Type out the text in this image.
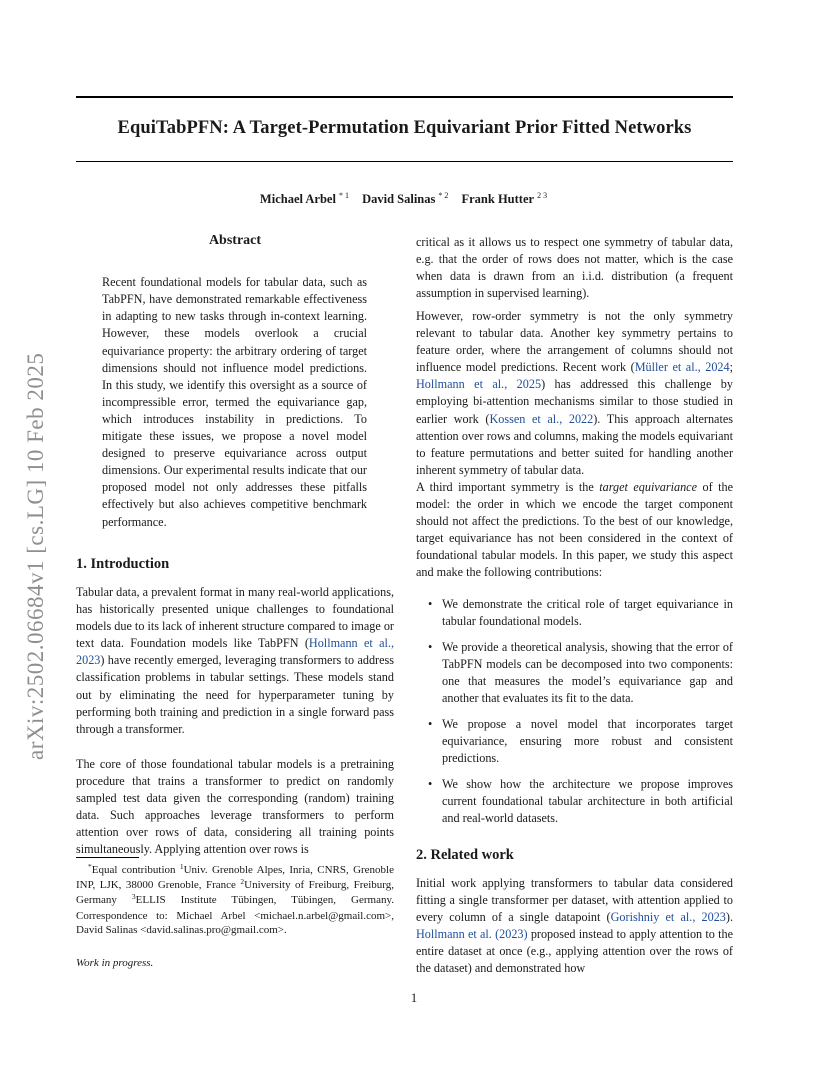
EquiTabPFN: A Target-Permutation Equivariant Prior Fitted Networks
Michael Arbel $^{* 1}$ David Salinas $^{* 2}$ Frank Hutter $^{2 3}$
arXiv:2502.06684v1 [cs.LG] 10 Feb 2025
Abstract

Recent foundational models for tabular data, such as TabPFN, have demonstrated remarkable effectiveness in adapting to new tasks through in-context learning. However, these models overlook a crucial equivariance property: the arbitrary ordering of target dimensions should not influence model predictions. In this study, we identify this oversight as a source of incompressible error, termed the equivariance gap, which introduces instability in predictions. To mitigate these issues, we propose a novel model designed to preserve equivariance across output dimensions. Our experimental results indicate that our proposed model not only addresses these pitfalls effectively but also achieves competitive benchmark performance.

1. Introduction

Tabular data, a prevalent format in many real-world applications, has historically presented unique challenges to foundational models due to its lack of inherent structure compared to image or text data. Foundation models like TabPFN (Hollmann et al., 2023) have recently emerged, leveraging transformers to address classification problems in tabular settings. These models stand out by eliminating the need for hyperparameter tuning by performing both training and prediction in a single forward pass through a transformer.

The core of those foundational tabular models is a pretraining procedure that trains a transformer to predict on randomly sampled test data given the corresponding (random) training data. Such approaches leverage transformers to perform attention over rows of data, considering all training points simultaneously. Applying attention over rows is

critical as it allows us to respect one symmetry of tabular data, e.g. that the order of rows does not matter, which is the case when data is drawn from an i.i.d. distribution (a frequent assumption in supervised learning).

However, row-order symmetry is not the only symmetry relevant to tabular data. Another key symmetry pertains to feature order, where the arrangement of columns should not influence model predictions. Recent work (Müller et al., 2024; Hollmann et al., 2025) has addressed this challenge by employing bi-attention mechanisms similar to those studied in earlier work (Kossen et al., 2022). This approach alternates attention over rows and columns, making the models equivariant to feature permutations and better suited for handling another inherent symmetry of tabular data.

A third important symmetry is the target equivariance of the model: the order in which we encode the target component should not affect the predictions. To the best of our knowledge, target equivariance has not been considered in the context of foundational tabular models. In this paper, we study this aspect and make the following contributions:

• We demonstrate the critical role of target equivariance in tabular foundational models.
• We provide a theoretical analysis, showing that the error of TabPFN models can be decomposed into two components: one that measures the model’s equivariance gap and another that evaluates its fit to the data.
• We propose a novel model that incorporates target equivariance, ensuring more robust and consistent predictions.
• We show how the architecture we propose improves current foundational tabular architecture in both artificial and real-world datasets.
2. Related work

Initial work applying transformers to tabular data considered fitting a single transformer per dataset, with attention applied to every column of a single datapoint (Gorishniy et al., 2023). Hollmann et al. (2023) proposed instead to apply attention to the entire dataset at once (e.g., applying attention over the rows of the dataset) and demonstrated how

*Equal contribution $^1$Univ. Grenoble Alpes, Inria, CNRS, Grenoble INP, LJK, 38000 Grenoble, France $^2$University of Freiburg, Freiburg, Germany $^3$ELLIS Institute Tübingen, Tübingen, Germany. Correspondence to: Michael Arbel <michael.n.arbel@gmail.com>, David Salinas <david.salinas.pro@gmail.com>.
Work in progress.
1
